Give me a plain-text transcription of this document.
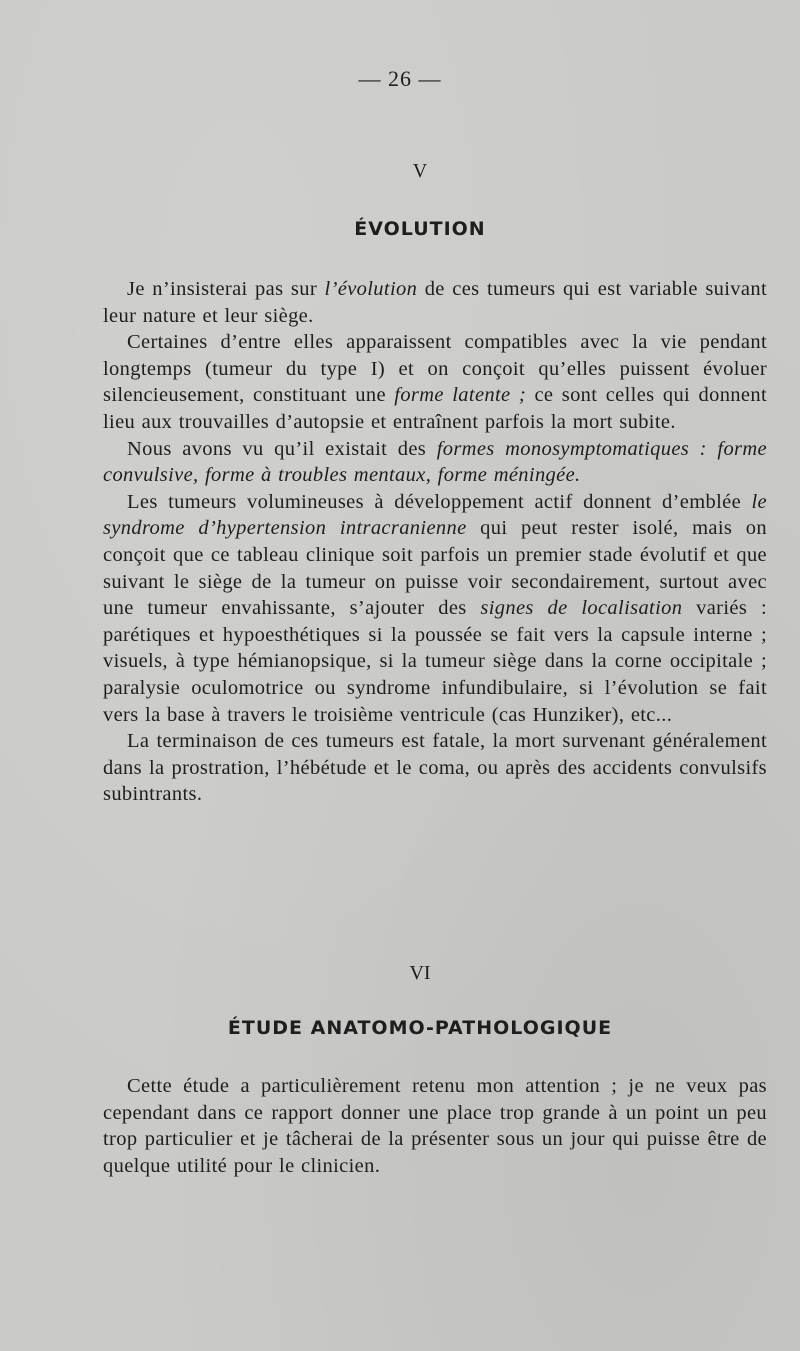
— 26 —
V
ÉVOLUTION

Je n’insisterai pas sur l’évolution de ces tumeurs qui est variable suivant leur nature et leur siège.

Certaines d’entre elles apparaissent compatibles avec la vie pendant longtemps (tumeur du type I) et on conçoit qu’elles puissent évoluer silencieusement, constituant une forme latente ; ce sont celles qui donnent lieu aux trouvailles d’autopsie et entraînent parfois la mort subite.

Nous avons vu qu’il existait des formes monosymptomatiques : forme convulsive, forme à troubles mentaux, forme méningée.

Les tumeurs volumineuses à développement actif donnent d’emblée le syndrome d’hypertension intracranienne qui peut rester isolé, mais on conçoit que ce tableau clinique soit parfois un premier stade évolutif et que suivant le siège de la tumeur on puisse voir secondairement, surtout avec une tumeur envahissante, s’ajouter des signes de localisation variés : parétiques et hypoesthétiques si la poussée se fait vers la capsule interne ; visuels, à type hémianopsique, si la tumeur siège dans la corne occipitale ; paralysie oculomotrice ou syndrome infundibulaire, si l’évolution se fait vers la base à travers le troisième ventricule (cas Hunziker), etc...

La terminaison de ces tumeurs est fatale, la mort survenant généralement dans la prostration, l’hébétude et le coma, ou après des accidents convulsifs subintrants.

VI
ÉTUDE ANATOMO-PATHOLOGIQUE

Cette étude a particulièrement retenu mon attention ; je ne veux pas cependant dans ce rapport donner une place trop grande à un point un peu trop particulier et je tâcherai de la présenter sous un jour qui puisse être de quelque utilité pour le clinicien.
